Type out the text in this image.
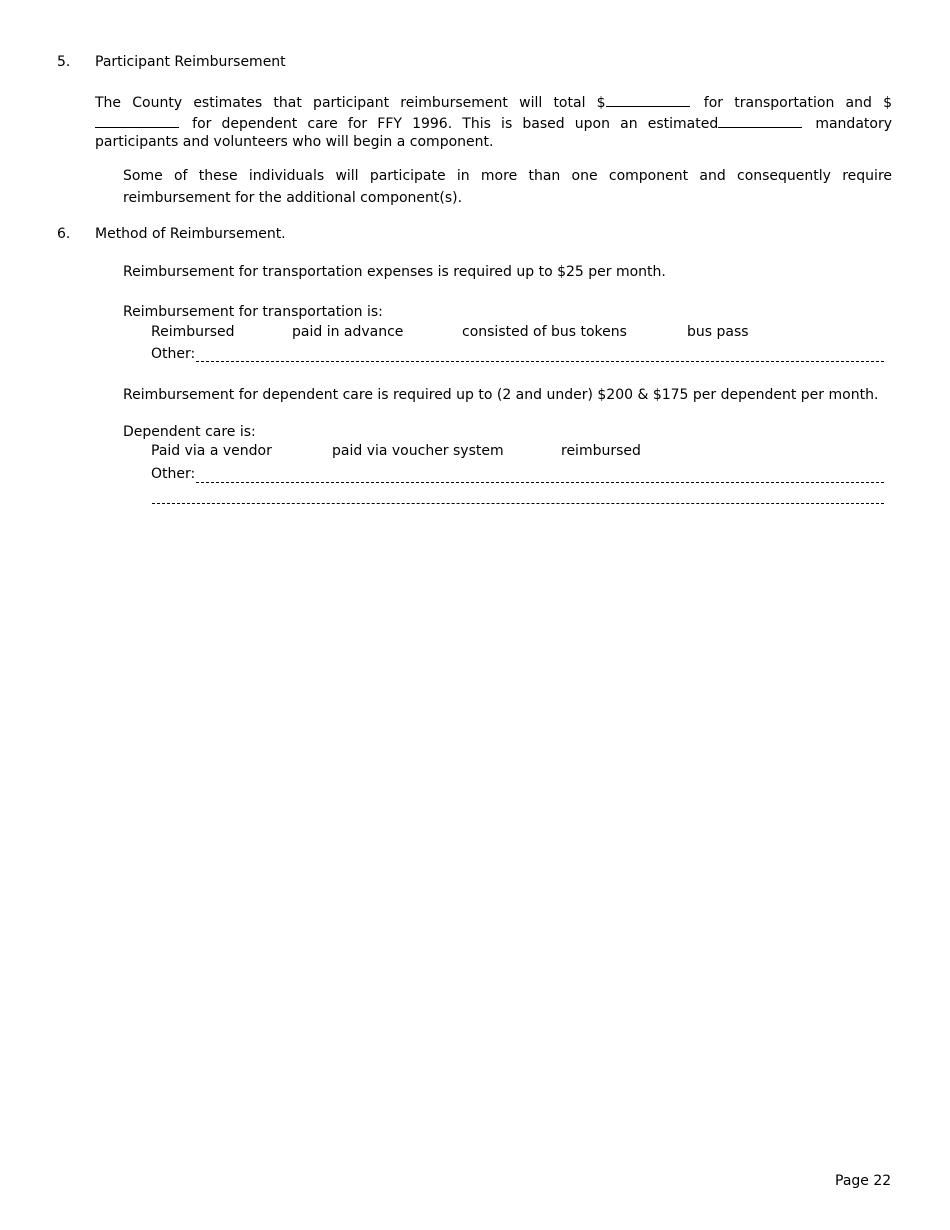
5. Participant Reimbursement
The County estimates that participant reimbursement will total $	for transportation and $ for dependent care for FFY 1996. This is based upon an estimated	mandatory participants and volunteers who will begin a component.
Some of these individuals will participate in more than one component and consequently require reimbursement for the additional component(s).
6. Method of Reimbursement.
Reimbursement for transportation expenses is required up to $25 per month.
Reimbursement for transportation is:
Reimbursed	paid in advance	consisted of bus tokens	bus pass
Other:
Reimbursement for dependent care is required up to (2 and under) $200 & $175 per dependent per month.
Dependent care is:
Paid via a vendor	paid via voucher system	reimbursed
Other:
Page 22
